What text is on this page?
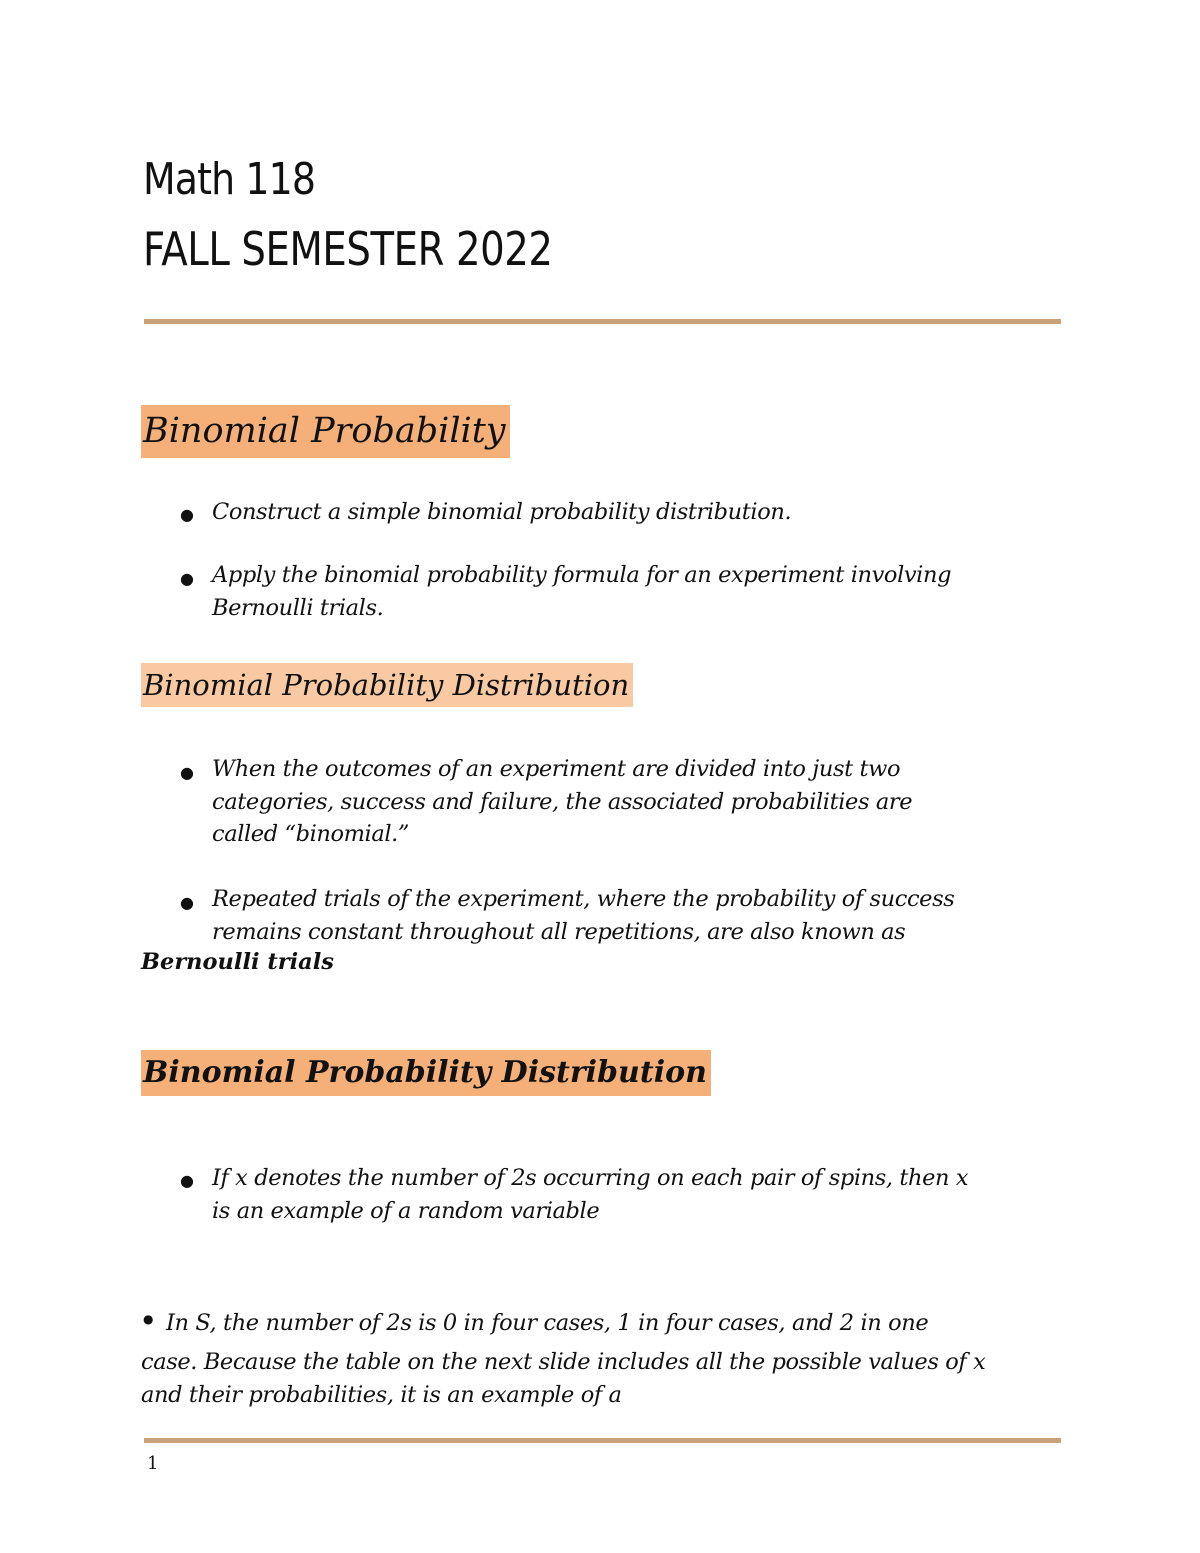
Math 118
FALL SEMESTER 2022
Binomial Probability
● Construct a simple binomial probability distribution.
● Apply the binomial probability formula for an experiment involving
Bernoulli trials.
Binomial Probability Distribution
● When the outcomes of an experiment are divided into just two
categories, success and failure, the associated probabilities are
called “binomial.”
● Repeated trials of the experiment, where the probability of success
remains constant throughout all repetitions, are also known as
Bernoulli trials
Binomial Probability Distribution
● If x denotes the number of 2s occurring on each pair of spins, then x
is an example of a random variable
● In S, the number of 2s is 0 in four cases, 1 in four cases, and 2 in one
case. Because the table on the next slide includes all the possible values of x
and their probabilities, it is an example of a
1
